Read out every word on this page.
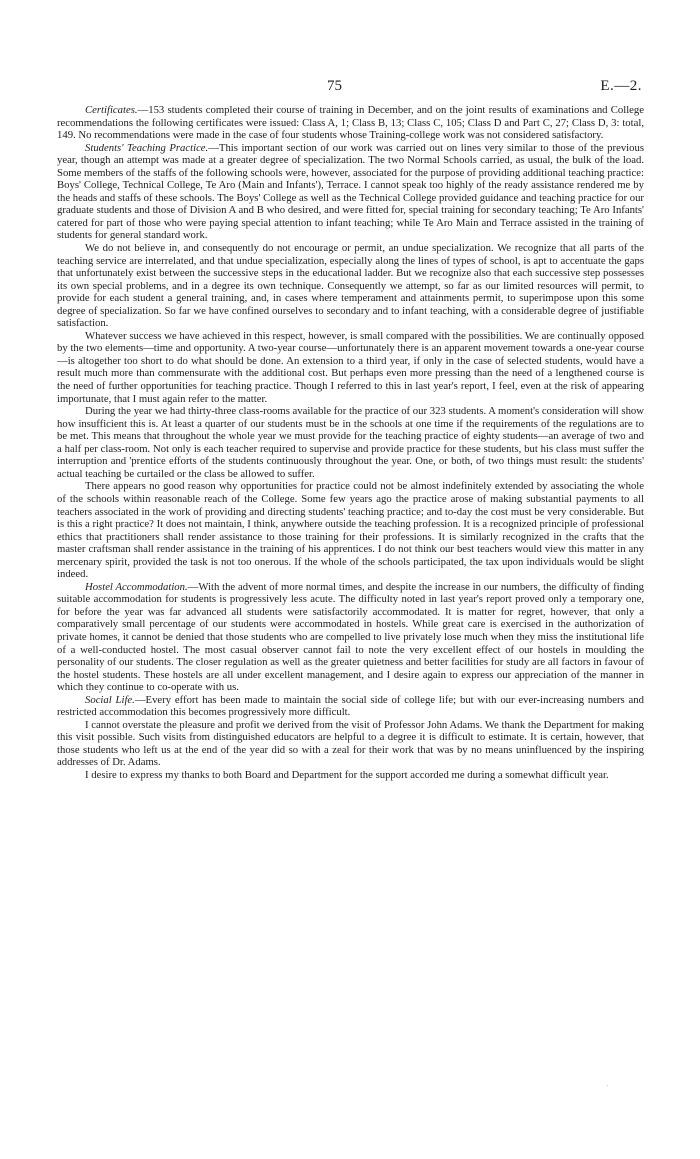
75	E.—2.

Certificates.—153 students completed their course of training in December, and on the joint results of examinations and College recommendations the following certificates were issued: Class A, 1; Class B, 13; Class C, 105; Class D and Part C, 27; Class D, 3: total, 149. No recommendations were made in the case of four students whose Training-college work was not considered satisfactory.

Students' Teaching Practice.—This important section of our work was carried out on lines very similar to those of the previous year, though an attempt was made at a greater degree of specialization. The two Normal Schools carried, as usual, the bulk of the load. Some members of the staffs of the following schools were, however, associated for the purpose of providing additional teaching practice: Boys' College, Technical College, Te Aro (Main and Infants'), Terrace. I cannot speak too highly of the ready assistance rendered me by the heads and staffs of these schools. The Boys' College as well as the Technical College provided guidance and teaching practice for our graduate students and those of Division A and B who desired, and were fitted for, special training for secondary teaching; Te Aro Infants' catered for part of those who were paying special attention to infant teaching; while Te Aro Main and Terrace assisted in the training of students for general standard work.

We do not believe in, and consequently do not encourage or permit, an undue specialization. We recognize that all parts of the teaching service are interrelated, and that undue specialization, especially along the lines of types of school, is apt to accentuate the gaps that unfortunately exist between the successive steps in the educational ladder. But we recognize also that each successive step possesses its own special problems, and in a degree its own technique. Consequently we attempt, so far as our limited resources will permit, to provide for each student a general training, and, in cases where temperament and attainments permit, to superimpose upon this some degree of specialization. So far we have confined ourselves to secondary and to infant teaching, with a considerable degree of justifiable satisfaction.

Whatever success we have achieved in this respect, however, is small compared with the possibilities. We are continually opposed by the two elements—time and opportunity. A two-year course—unfortunately there is an apparent movement towards a one-year course—is altogether too short to do what should be done. An extension to a third year, if only in the case of selected students, would have a result much more than commensurate with the additional cost. But perhaps even more pressing than the need of a lengthened course is the need of further opportunities for teaching practice. Though I referred to this in last year's report, I feel, even at the risk of appearing importunate, that I must again refer to the matter.

During the year we had thirty-three class-rooms available for the practice of our 323 students. A moment's consideration will show how insufficient this is. At least a quarter of our students must be in the schools at one time if the requirements of the regulations are to be met. This means that throughout the whole year we must provide for the teaching practice of eighty students—an average of two and a half per class-room. Not only is each teacher required to supervise and provide practice for these students, but his class must suffer the interruption and 'prentice efforts of the students continuously throughout the year. One, or both, of two things must result: the students' actual teaching be curtailed or the class be allowed to suffer.

There appears no good reason why opportunities for practice could not be almost indefinitely extended by associating the whole of the schools within reasonable reach of the College. Some few years ago the practice arose of making substantial payments to all teachers associated in the work of providing and directing students' teaching practice; and to-day the cost must be very considerable. But is this a right practice? It does not maintain, I think, anywhere outside the teaching profession. It is a recognized principle of professional ethics that practitioners shall render assistance to those training for their professions. It is similarly recognized in the crafts that the master craftsman shall render assistance in the training of his apprentices. I do not think our best teachers would view this matter in any mercenary spirit, provided the task is not too onerous. If the whole of the schools participated, the tax upon individuals would be slight indeed.

Hostel Accommodation.—With the advent of more normal times, and despite the increase in our numbers, the difficulty of finding suitable accommodation for students is progressively less acute. The difficulty noted in last year's report proved only a temporary one, for before the year was far advanced all students were satisfactorily accommodated. It is matter for regret, however, that only a comparatively small percentage of our students were accommodated in hostels. While great care is exercised in the authorization of private homes, it cannot be denied that those students who are compelled to live privately lose much when they miss the institutional life of a well-conducted hostel. The most casual observer cannot fail to note the very excellent effect of our hostels in moulding the personality of our students. The closer regulation as well as the greater quietness and better facilities for study are all factors in favour of the hostel students. These hostels are all under excellent management, and I desire again to express our appreciation of the manner in which they continue to co-operate with us.

Social Life.—Every effort has been made to maintain the social side of college life; but with our ever-increasing numbers and restricted accommodation this becomes progressively more difficult.

I cannot overstate the pleasure and profit we derived from the visit of Professor John Adams. We thank the Department for making this visit possible. Such visits from distinguished educators are helpful to a degree it is difficult to estimate. It is certain, however, that those students who left us at the end of the year did so with a zeal for their work that was by no means uninfluenced by the inspiring addresses of Dr. Adams.

I desire to express my thanks to both Board and Department for the support accorded me during a somewhat difficult year.

·
